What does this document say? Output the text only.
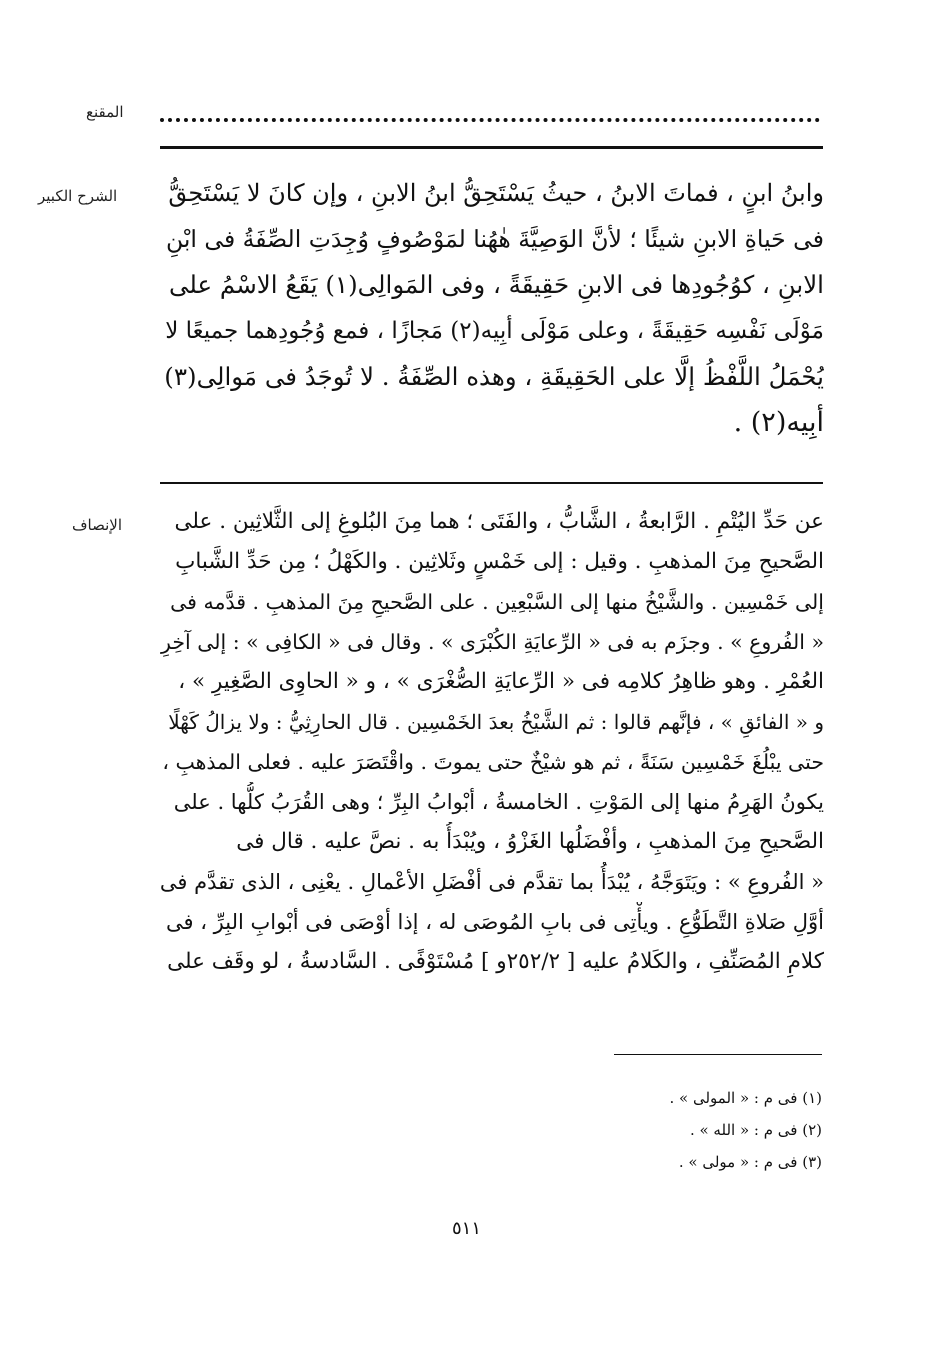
المقنع
الشرح الكبير	وابنُ ابنٍ ، فماتَ الابنُ ، حيثُ يَسْتَحِقُّ ابنُ الابنِ ، وإن كانَ لا يَسْتَحِقُّ
فى حَياةِ الابنِ شيئًا ؛ لأنَّ الوَصِيَّةَ هٰهُنا لمَوْصُوفٍ وُجِدَتِ الصِّفَةُ فى ابْنِ
الابنِ ، كوُجُودِها فى الابنِ حَقِيقَةً ، وفى المَوالِى(١) يَقَعُ الاسْمُ على
مَوْلَى نَفْسِه حَقِيقَةً ، وعلى مَوْلَى أبِيه(٢) مَجازًا ، فمع وُجُودِهما جميعًا لا
يُحْمَلُ اللَّفْظُ إلَّا على الحَقِيقَةِ ، وهذه الصِّفَةُ . لا تُوجَدُ فى مَوالِى(٣)
أبِيه(٢) .
الإنصاف	عن حَدِّ اليُتْمِ . الرَّابعةُ ، الشَّابُّ ، والفَتَى ؛ هما مِنَ البُلوغِ إلى الثَّلاثِين . على
الصَّحيحِ مِنَ المذهبِ . وقيل : إلى خَمْسٍ وثَلاثِين . والكَهْلُ ؛ مِن حَدِّ الشَّبابِ
إلى خَمْسِين . والشَّيْخُ منها إلى السَّبْعِين . على الصَّحيحِ مِنَ المذهبِ . قدَّمه فى
« الفُروعِ » . وجزَم به فى « الرِّعايَةِ الكُبْرَى » . وقال فى « الكافِى » : إلى آخِرِ
العُمْرِ . وهو ظاهِرُ كلامِه فى « الرِّعايَةِ الصُّغْرَى » ، و « الحاوِى الصَّغِيرِ » ،
و « الفائقِ » ، فإنَّهم قالوا : ثم الشَّيْخُ بعدَ الخَمْسِين . قال الحارِثِيُّ : ولا يزالُ كَهْلًا
حتى يبْلُغَ خَمْسِين سَنَةً ، ثم هو شيْخٌ حتى يموتَ . واقْتَصَرَ عليه . فعلى المذهبِ ،
يكونُ الهَرِمُ منها إلى المَوْتِ . الخامسةُ ، أبْوابُ البِرِّ ؛ وهى القُرَبُ كلُّها . على
الصَّحيحِ مِنَ المذهبِ ، وأفْضَلُها الغَزْوُ ، ويُبْدَأُ به . نصَّ عليه . قال فى
« الفُروعِ » : ويَتَوَجَّهُ ، يُبْدَأُ بما تقدَّم فى أفْضَلِ الأعْمالِ . يعْنِى ، الذى تقدَّم فى
أوَّلِ صَلاةِ التَّطَوُّعِ . ويأْتِى فى بابِ المُوصَى له ، إذا أوْصَى فى أبْوابِ البِرِّ ، فى
كلامِ المُصَنِّفِ ، والكَلامُ عليه [ ٢٥٢/٢و ] مُسْتَوْفًى . السَّادسةُ ، لو وقَف على
(١) فى م : « المولى » .
(٢) فى م : « الله » .
(٣) فى م : « مولى » .
٥١١
